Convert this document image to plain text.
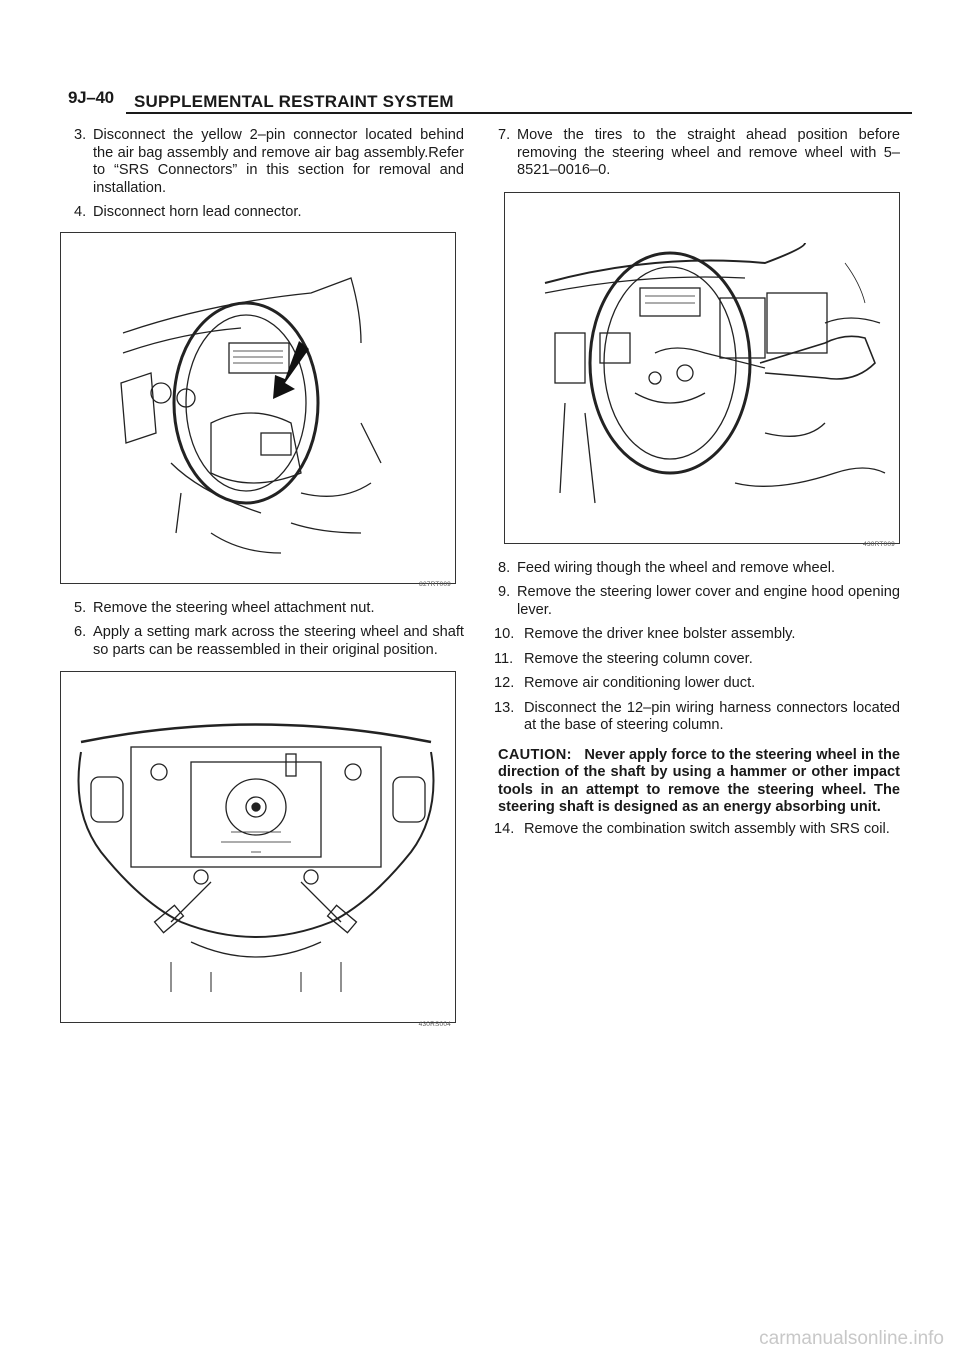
9J–40 SUPPLEMENTAL RESTRAINT SYSTEM
3. Disconnect the yellow 2–pin connector located behind the air bag assembly and remove air bag assembly.Refer to “SRS Connectors” in this section for removal and installation.
4. Disconnect horn lead connector.
827RT009
5. Remove the steering wheel attachment nut.
6. Apply a setting mark across the steering wheel and shaft so parts can be reassembled in their original position.
430RS004
7. Move the tires to the straight ahead position before removing the steering wheel and remove wheel with 5–8521–0016–0.
430RT009
8. Feed wiring though the wheel and remove wheel.
9. Remove the steering lower cover and engine hood opening lever.
10. Remove the driver knee bolster assembly.
11. Remove the steering column cover.
12. Remove air conditioning lower duct.
13. Disconnect the 12–pin wiring harness connectors located at the base of steering column.
CAUTION: Never apply force to the steering wheel in the direction of the shaft by using a hammer or other impact tools in an attempt to remove the steering wheel. The steering shaft is designed as an energy absorbing unit.
14. Remove the combination switch assembly with SRS coil.
carmanualsonline.info
